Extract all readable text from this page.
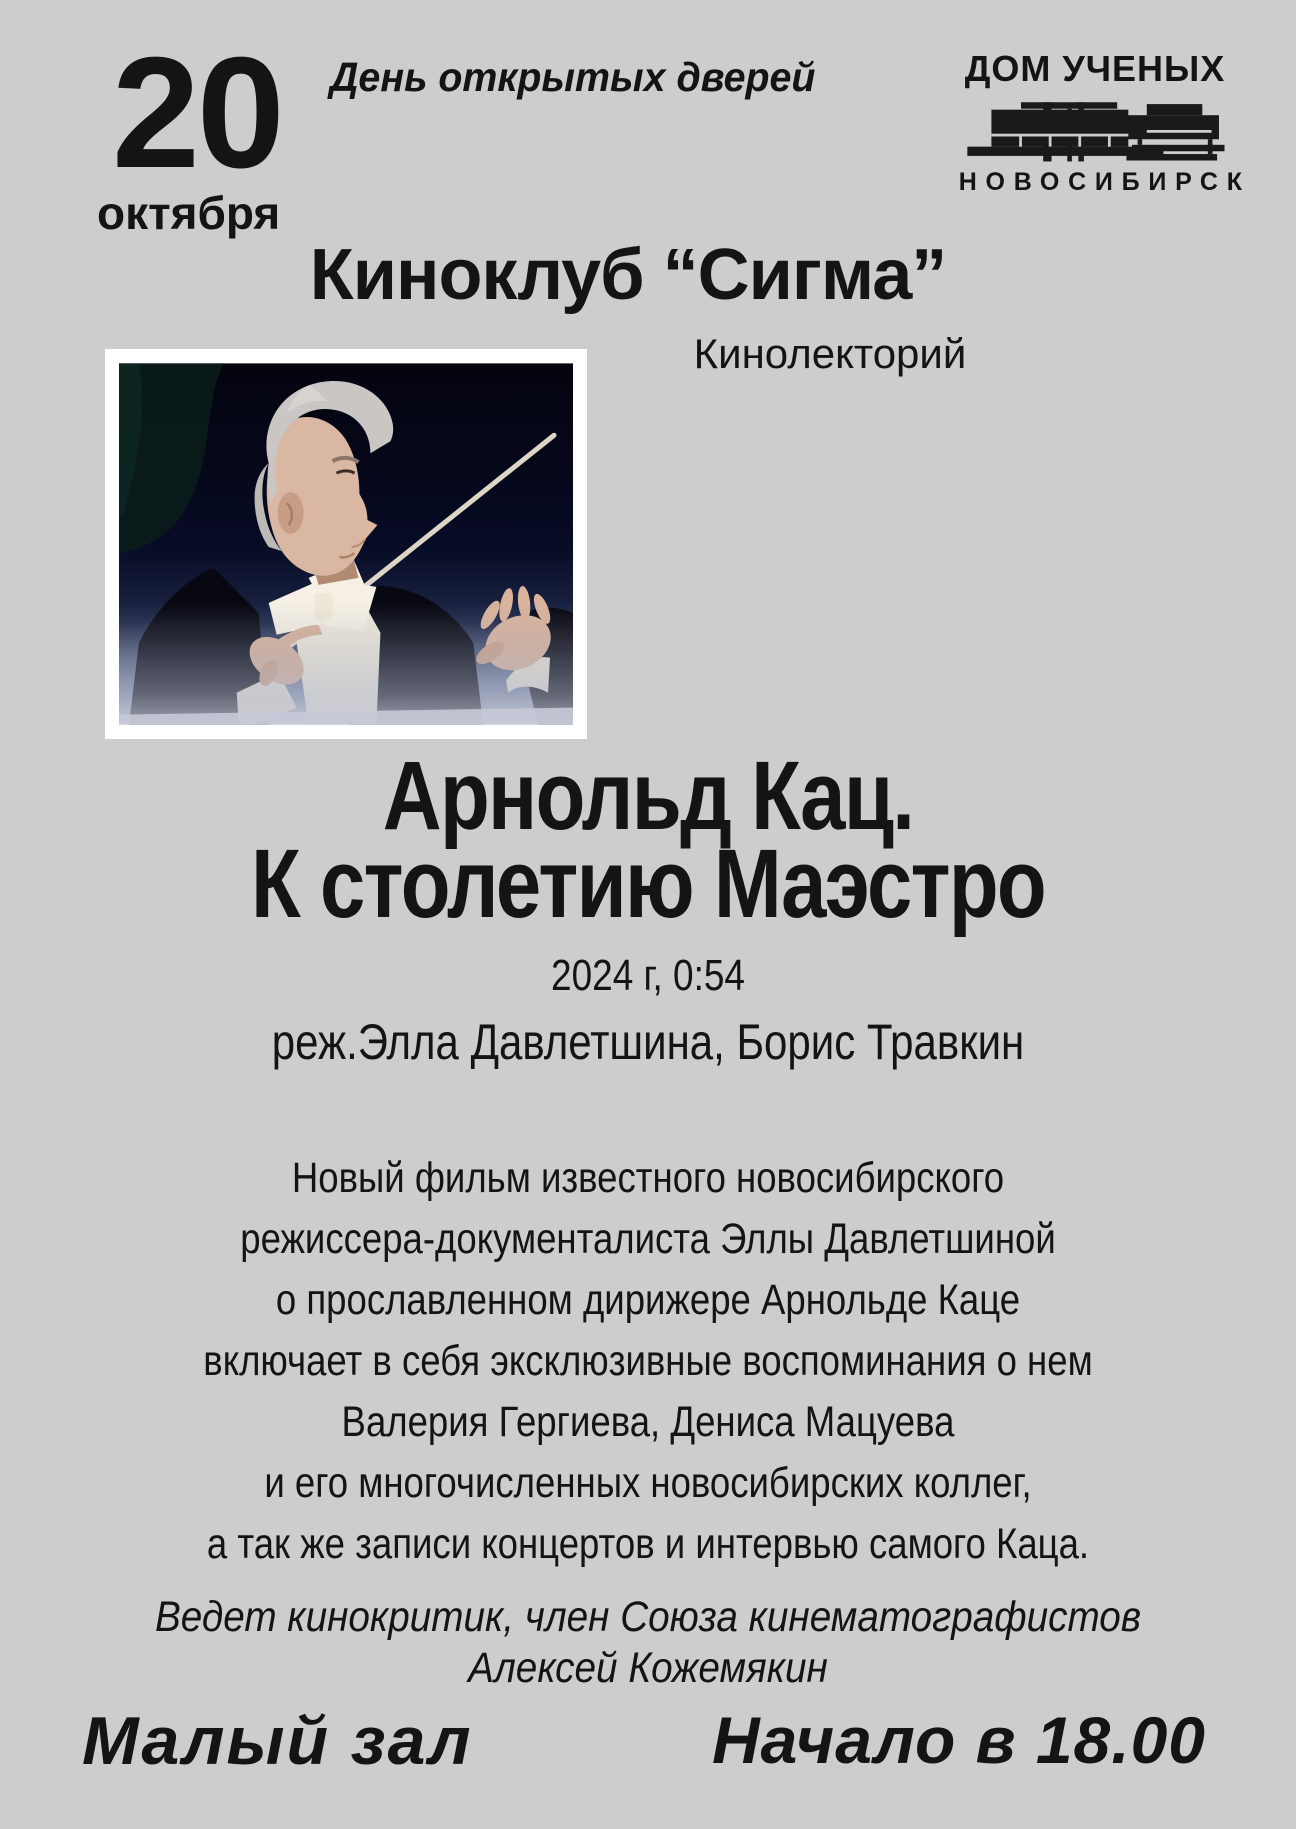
20
октября
День открытых дверей	ДОМ УЧЕНЫХ
НОВОСИБИРСК
Киноклуб “Сигма”
Кинолекторий
Арнольд Кац.
К столетию Маэстро
2024 г, 0:54
реж.Элла Давлетшина, Борис Травкин
Новый фильм известного новосибирского
режиссера-документалиста Эллы Давлетшиной
о прославленном дирижере Арнольде Каце
включает в себя эксклюзивные воспоминания о нем
Валерия Гергиева, Дениса Мацуева
и его многочисленных новосибирских коллег,
а так же записи концертов и интервью самого Каца.
Ведет кинокритик, член Союза кинематографистов
Алексей Кожемякин
Малый зал	Начало в 18.00
